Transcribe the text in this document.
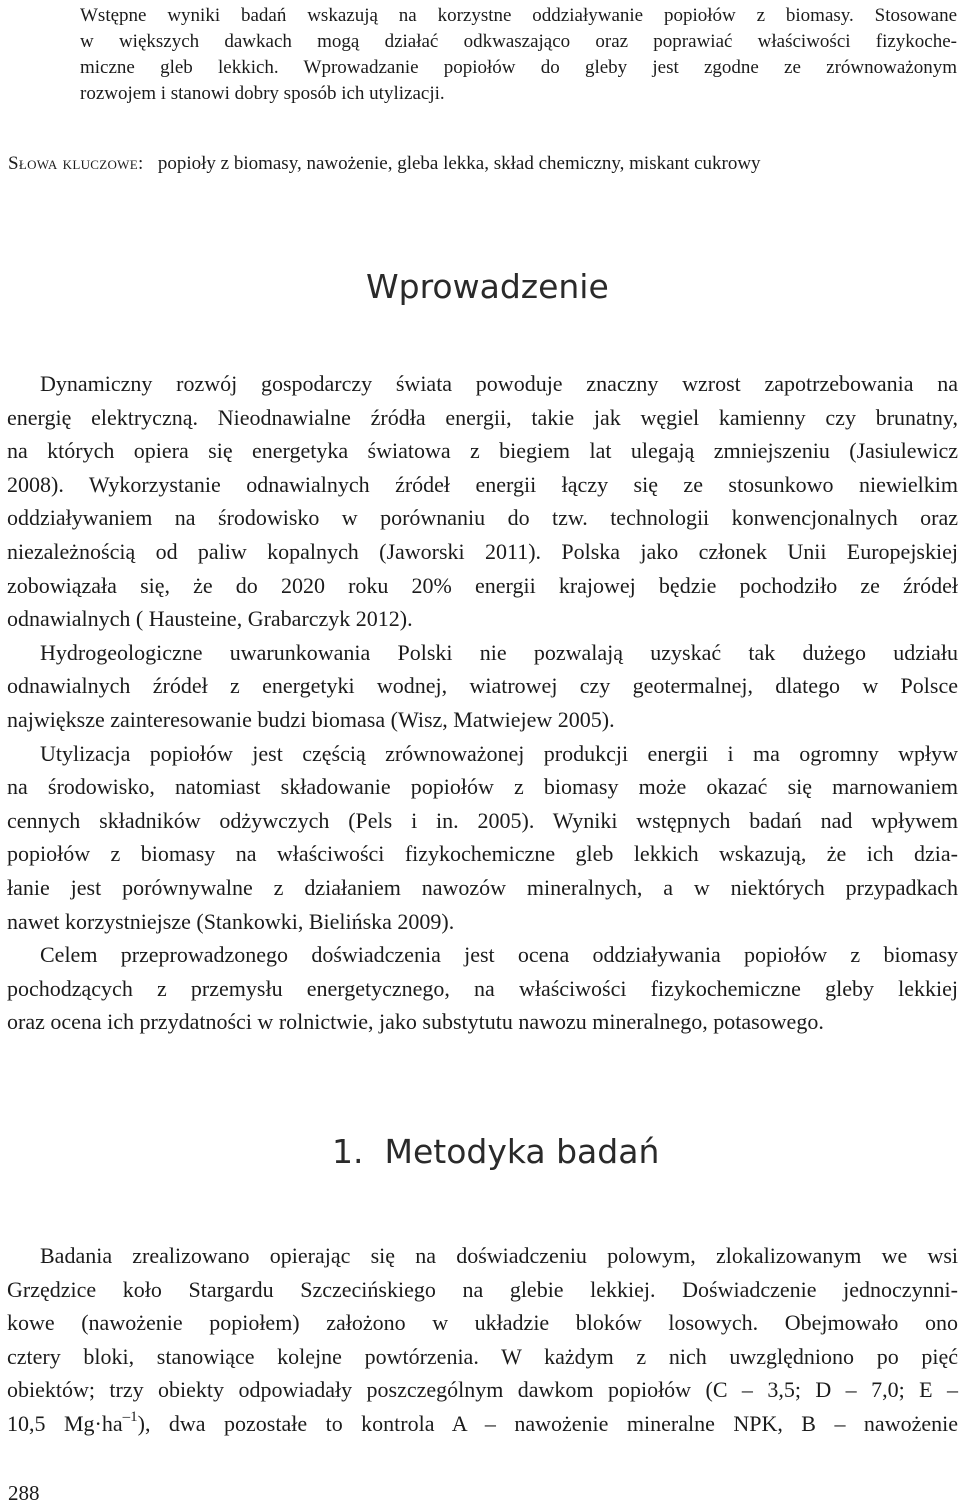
Wstępne wyniki badań wskazują na korzystne oddziaływanie popiołów z biomasy. Stosowane
w większych dawkach mogą działać odkwaszająco oraz poprawiać właściwości fizykoche-
miczne gleb lekkich. Wprowadzanie popiołów do gleby jest zgodne ze zrównoważonym
rozwojem i stanowi dobry sposób ich utylizacji.
Słowa kluczowe: popioły z biomasy, nawożenie, gleba lekka, skład chemiczny, miskant cukrowy
Wprowadzenie
Dynamiczny rozwój gospodarczy świata powoduje znaczny wzrost zapotrzebowania na
energię elektryczną. Nieodnawialne źródła energii, takie jak węgiel kamienny czy brunatny,
na których opiera się energetyka światowa z biegiem lat ulegają zmniejszeniu (Jasiulewicz
2008). Wykorzystanie odnawialnych źródeł energii łączy się ze stosunkowo niewielkim
oddziaływaniem na środowisko w porównaniu do tzw. technologii konwencjonalnych oraz
niezależnością od paliw kopalnych (Jaworski 2011). Polska jako członek Unii Europejskiej
zobowiązała się, że do 2020 roku 20% energii krajowej będzie pochodziło ze źródeł
odnawialnych ( Hausteine, Grabarczyk 2012).
Hydrogeologiczne uwarunkowania Polski nie pozwalają uzyskać tak dużego udziału
odnawialnych źródeł z energetyki wodnej, wiatrowej czy geotermalnej, dlatego w Polsce
największe zainteresowanie budzi biomasa (Wisz, Matwiejew 2005).
Utylizacja popiołów jest częścią zrównoważonej produkcji energii i ma ogromny wpływ
na środowisko, natomiast składowanie popiołów z biomasy może okazać się marnowaniem
cennych składników odżywczych (Pels i in. 2005). Wyniki wstępnych badań nad wpływem
popiołów z biomasy na właściwości fizykochemiczne gleb lekkich wskazują, że ich dzia-
łanie jest porównywalne z działaniem nawozów mineralnych, a w niektórych przypadkach
nawet korzystniejsze (Stankowki, Bielińska 2009).
Celem przeprowadzonego doświadczenia jest ocena oddziaływania popiołów z biomasy
pochodzących z przemysłu energetycznego, na właściwości fizykochemiczne gleby lekkiej
oraz ocena ich przydatności w rolnictwie, jako substytutu nawozu mineralnego, potasowego.
1. Metodyka badań
Badania zrealizowano opierając się na doświadczeniu polowym, zlokalizowanym we wsi
Grzędzice koło Stargardu Szczecińskiego na glebie lekkiej. Doświadczenie jednoczynni-
kowe (nawożenie popiołem) założono w układzie bloków losowych. Obejmowało ono
cztery bloki, stanowiące kolejne powtórzenia. W każdym z nich uwzględniono po pięć
obiektów; trzy obiekty odpowiadały poszczególnym dawkom popiołów (C – 3,5; D – 7,0; E –
10,5 $Mg\cdot ha^{-1}$), dwa pozostałe to kontrola A – nawożenie mineralne NPK, B – nawożenie
288
